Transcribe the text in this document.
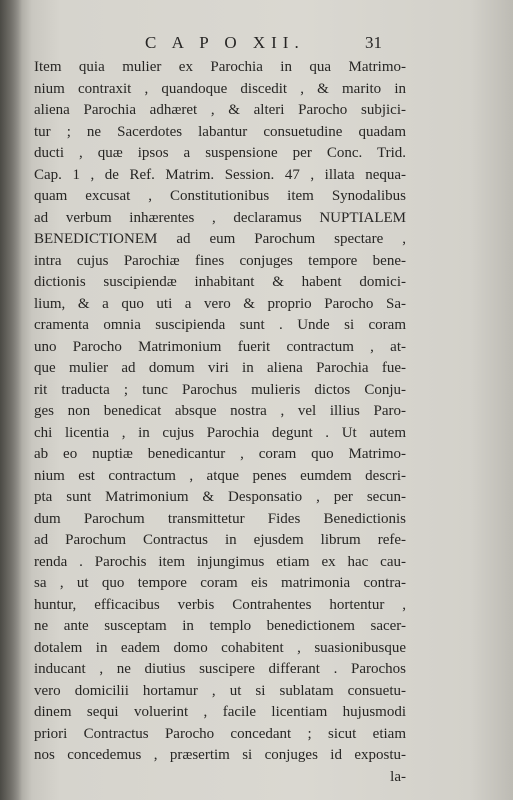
C A P O XII.	31
Item quia mulier ex Parochia in qua Matrimo-
nium contraxit , quandoque discedit , & marito in
aliena Parochia adhæret , & alteri Parocho subjici-
tur ; ne Sacerdotes labantur consuetudine quadam
ducti , quæ ipsos a suspensione per Conc. Trid.
Cap. 1 , de Ref. Matrim. Session. 47 , illata nequa-
quam excusat , Constitutionibus item Synodalibus
ad verbum inhærentes , declaramus NUPTIALEM
BENEDICTIONEM ad eum Parochum spectare ,
intra cujus Parochiæ fines conjuges tempore bene-
dictionis suscipiendæ inhabitant & habent domici-
lium, & a quo uti a vero & proprio Parocho Sa-
cramenta omnia suscipienda sunt . Unde si coram
uno Parocho Matrimonium fuerit contractum , at-
que mulier ad domum viri in aliena Parochia fue-
rit traducta ; tunc Parochus mulieris dictos Conju-
ges non benedicat absque nostra , vel illius Paro-
chi licentia , in cujus Parochia degunt . Ut autem
ab eo nuptiæ benedicantur , coram quo Matrimo-
nium est contractum , atque penes eumdem descri-
pta sunt Matrimonium & Desponsatio , per secun-
dum Parochum transmittetur Fides Benedictionis
ad Parochum Contractus in ejusdem librum refe-
renda . Parochis item injungimus etiam ex hac cau-
sa , ut quo tempore coram eis matrimonia contra-
huntur, efficacibus verbis Contrahentes hortentur ,
ne ante susceptam in templo benedictionem sacer-
dotalem in eadem domo cohabitent , suasionibusque
inducant , ne diutius suscipere differant . Parochos
vero domicilii hortamur , ut si sublatam consuetu-
dinem sequi voluerint , facile licentiam hujusmodi
priori Contractus Parocho concedant ; sicut etiam
nos concedemus , præsertim si conjuges id expostu-
la-
